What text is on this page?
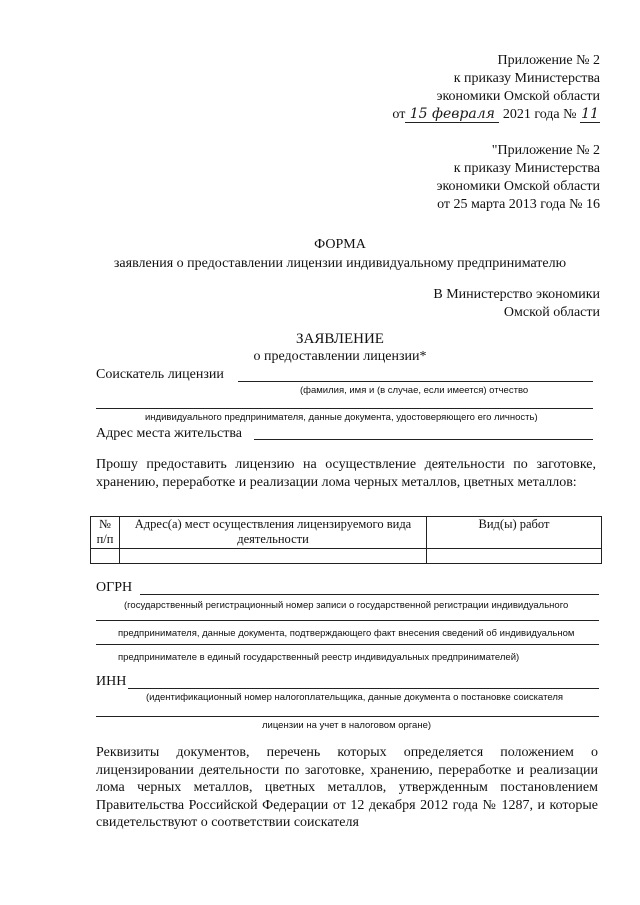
Приложение № 2
к приказу Министерства
экономики Омской области
от 15 февраля 2021 года № 11
"Приложение № 2
к приказу Министерства
экономики Омской области
от 25 марта 2013 года № 16
ФОРМА
заявления о предоставлении лицензии индивидуальному предпринимателю
В Министерство экономики
Омской области
ЗАЯВЛЕНИЕ
о предоставлении лицензии*
Соискатель лицензии
(фамилия, имя и (в случае, если имеется) отчество
индивидуального предпринимателя, данные документа, удостоверяющего его личность)
Адрес места жительства
Прошу предоставить лицензию на осуществление деятельности по заготовке, хранению, переработке и реализации лома черных металлов, цветных металлов:
№ п/п	Адрес(а) мест осуществления лицензируемого вида деятельности	Вид(ы) работ

ОГРН
(государственный регистрационный номер записи о государственной регистрации индивидуального
предпринимателя, данные документа, подтверждающего факт внесения сведений об индивидуальном
предпринимателе в единый государственный реестр индивидуальных предпринимателей)
ИНН
(идентификационный номер налогоплательщика, данные документа о постановке соискателя
лицензии на учет в налоговом органе)
Реквизиты документов, перечень которых определяется положением о лицензировании деятельности по заготовке, хранению, переработке и реализации лома черных металлов, цветных металлов, утвержденным постановлением Правительства Российской Федерации от 12 декабря 2012 года № 1287, и которые свидетельствуют о соответствии соискателя
